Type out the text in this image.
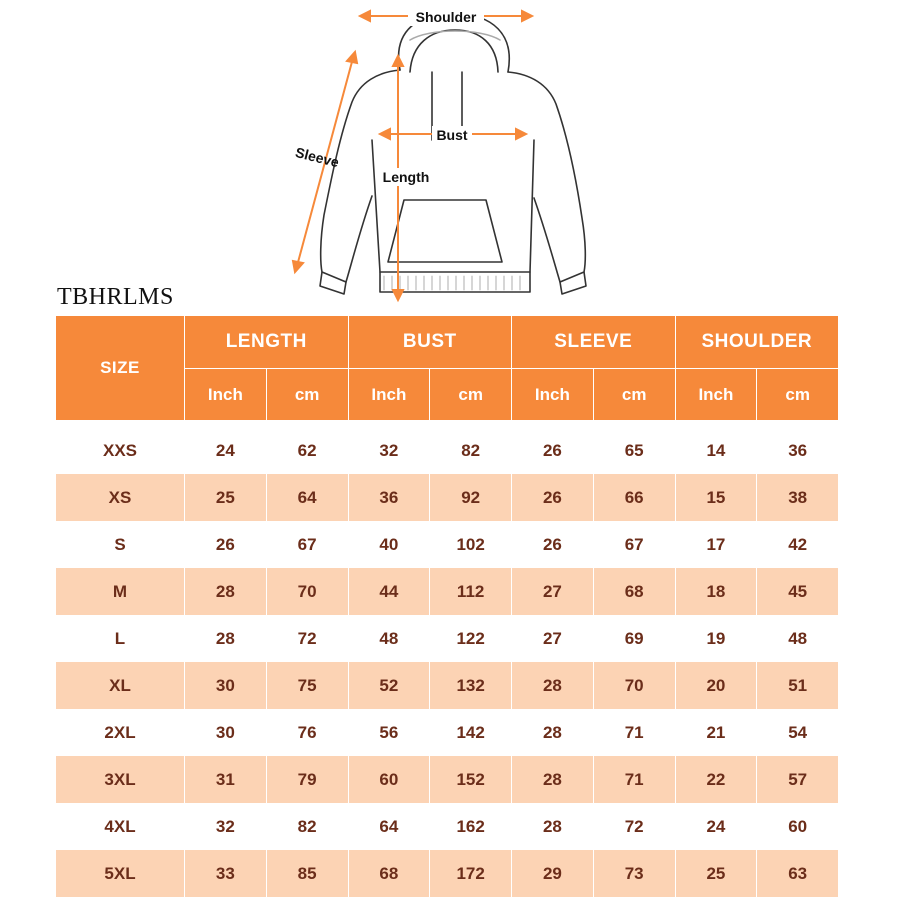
Shoulder
Bust
Length
Sleeve
TBHRLMS
SIZE	LENGTH		BUST		SLEEVE		SHOULDER	
	Inch	cm	Inch	cm	Inch	cm	Inch	cm

XXS	24	62	32	82	26	65	14	36
XS	25	64	36	92	26	66	15	38
S	26	67	40	102	26	67	17	42
M	28	70	44	112	27	68	18	45
L	28	72	48	122	27	69	19	48
XL	30	75	52	132	28	70	20	51
2XL	30	76	56	142	28	71	21	54
3XL	31	79	60	152	28	71	22	57
4XL	32	82	64	162	28	72	24	60
5XL	33	85	68	172	29	73	25	63
